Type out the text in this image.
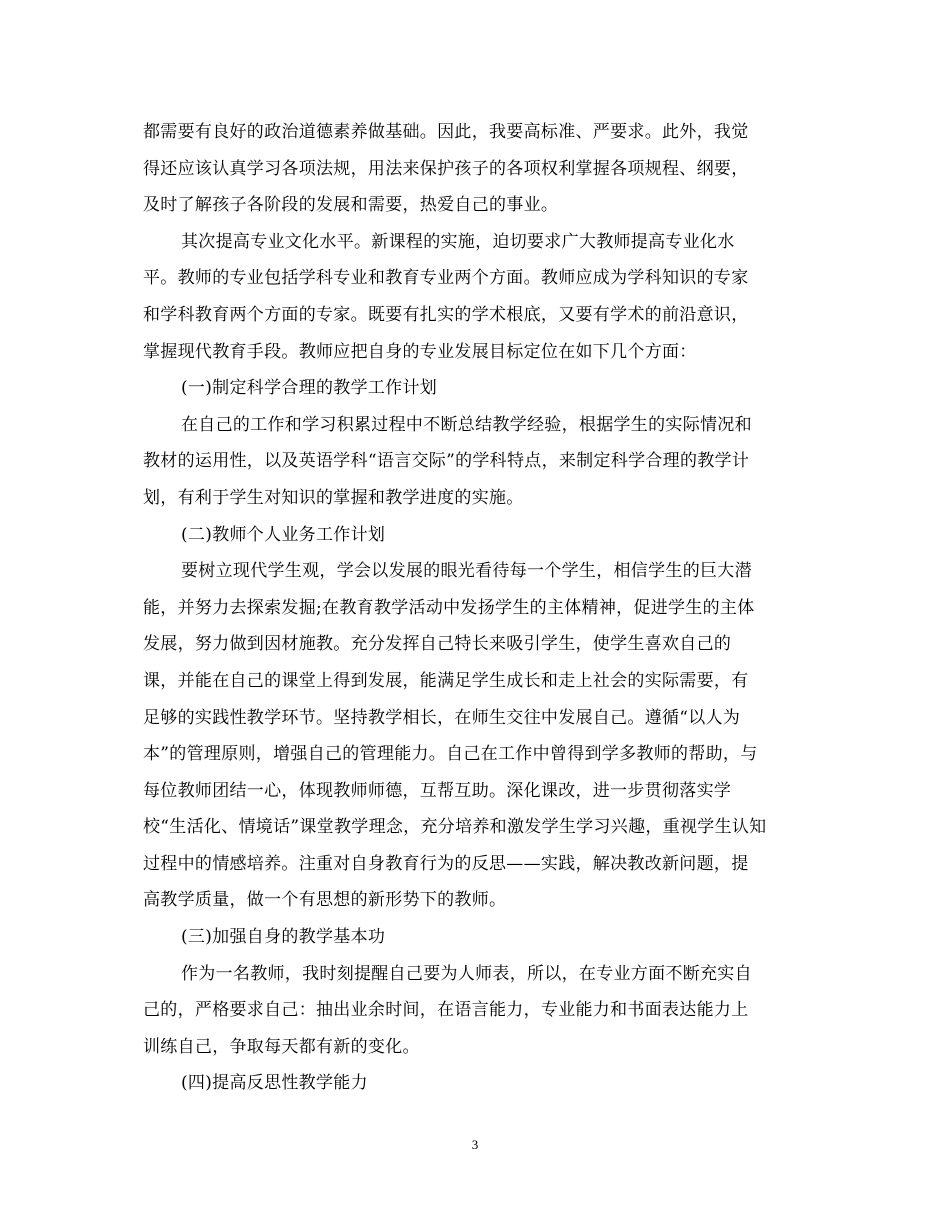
都需要有良好的政治道德素养做基础。因此，我要高标准、严要求。此外，我觉
得还应该认真学习各项法规，用法来保护孩子的各项权利掌握各项规程、纲要，
及时了解孩子各阶段的发展和需要，热爱自己的事业。
其次提高专业文化水平。新课程的实施，迫切要求广大教师提高专业化水
平。教师的专业包括学科专业和教育专业两个方面。教师应成为学科知识的专家
和学科教育两个方面的专家。既要有扎实的学术根底，又要有学术的前沿意识，
掌握现代教育手段。教师应把自身的专业发展目标定位在如下几个方面：
(一)制定科学合理的教学工作计划
在自己的工作和学习积累过程中不断总结教学经验，根据学生的实际情况和
教材的运用性，以及英语学科“语言交际”的学科特点，来制定科学合理的教学计
划，有利于学生对知识的掌握和教学进度的实施。
(二)教师个人业务工作计划
要树立现代学生观，学会以发展的眼光看待每一个学生，相信学生的巨大潜
能，并努力去探索发掘;在教育教学活动中发扬学生的主体精神，促进学生的主体
发展，努力做到因材施教。充分发挥自己特长来吸引学生，使学生喜欢自己的
课，并能在自己的课堂上得到发展，能满足学生成长和走上社会的实际需要，有
足够的实践性教学环节。坚持教学相长，在师生交往中发展自己。遵循“以人为
本”的管理原则，增强自己的管理能力。自己在工作中曾得到学多教师的帮助，与
每位教师团结一心，体现教师师德，互帮互助。深化课改，进一步贯彻落实学
校“生活化、情境话”课堂教学理念，充分培养和激发学生学习兴趣，重视学生认知
过程中的情感培养。注重对自身教育行为的反思——实践，解决教改新问题，提
高教学质量，做一个有思想的新形势下的教师。
(三)加强自身的教学基本功
作为一名教师，我时刻提醒自己要为人师表，所以，在专业方面不断充实自
己的，严格要求自己：抽出业余时间，在语言能力，专业能力和书面表达能力上
训练自己，争取每天都有新的变化。
(四)提高反思性教学能力
3
